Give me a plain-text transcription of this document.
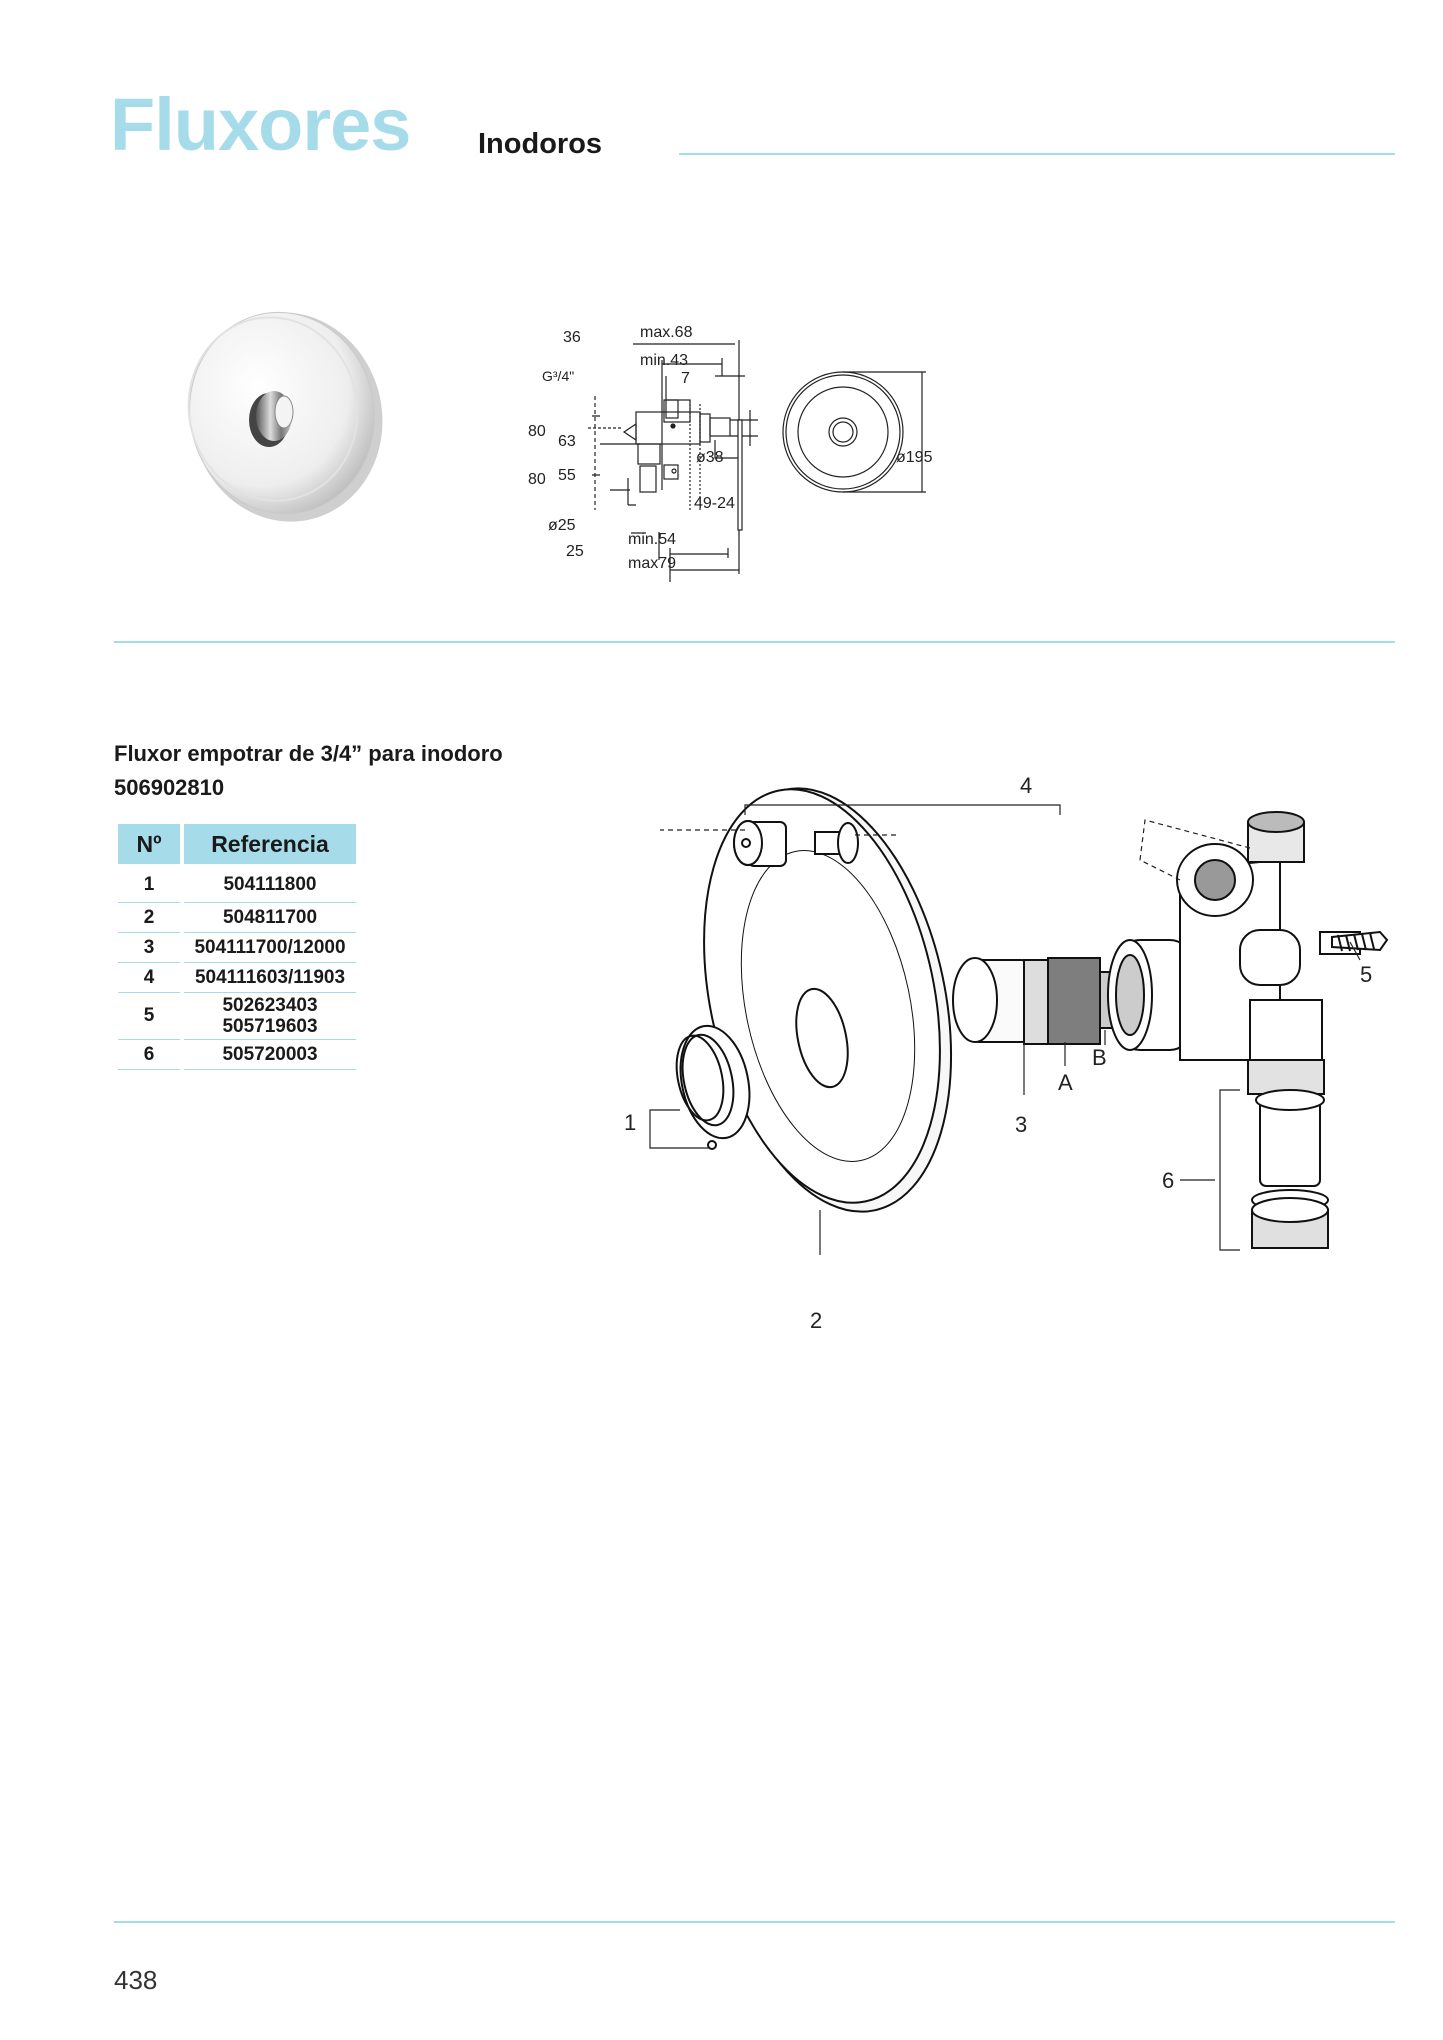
Fluxores Inodoros
36	max.68
min.43
7
G³/4"
80
63
ø38
80 55
49-24
ø25
25
min.54
max79
ø195
Fluxor empotrar de 3/4” para inodoro
506902810
Nº	Referencia
1	504111800
2	504811700
3	504111700/12000
4	504111603/11903
5	502623403
505719603

6	505720003
1
2
3
4
5
6
A
B
438
